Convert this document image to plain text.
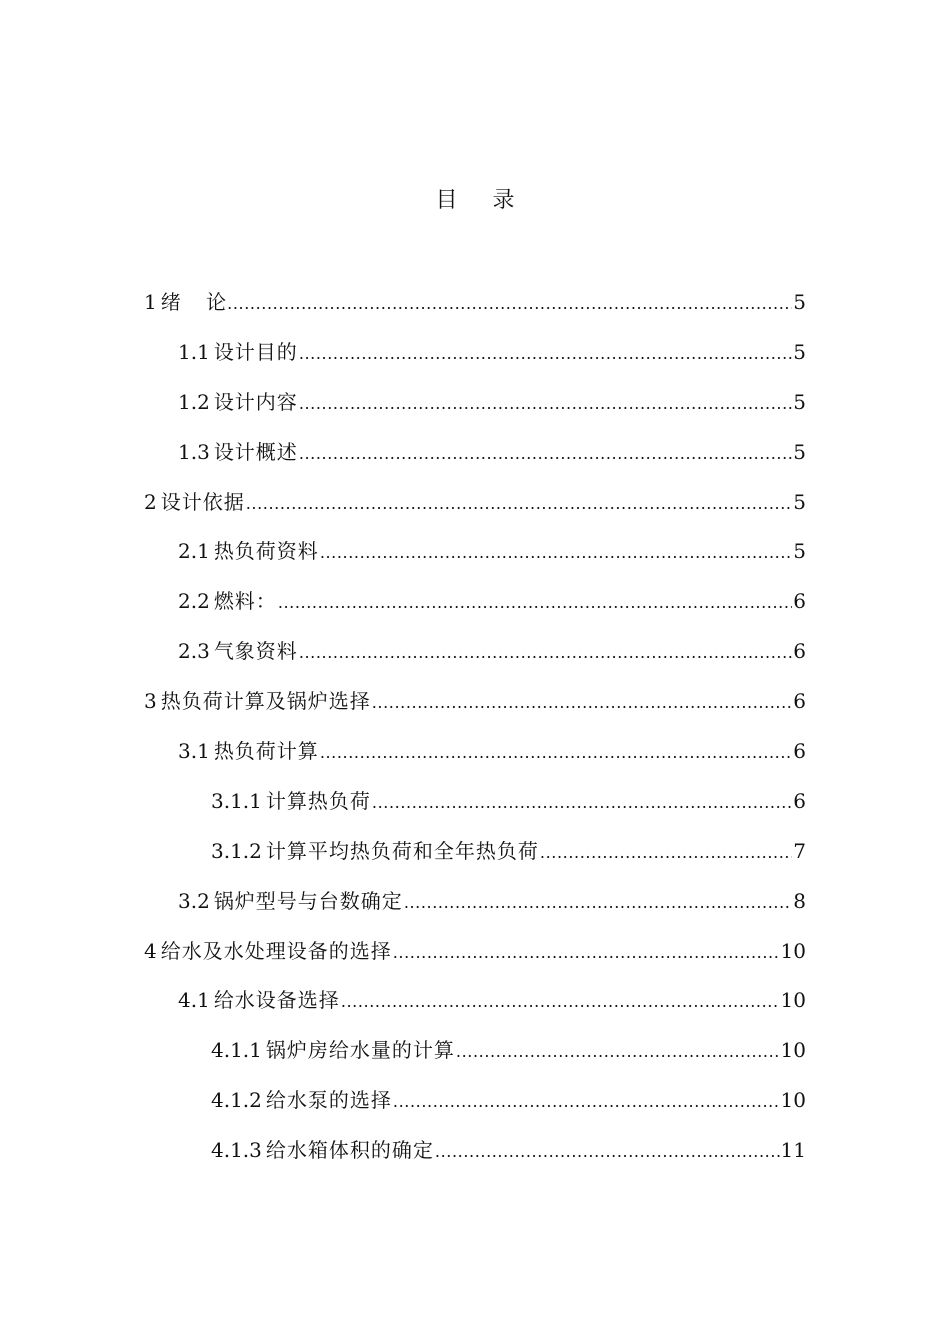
目 录
1 绪    论 .....	5
1.1 设计目的 .....	5
1.2 设计内容 .....	5
1.3 设计概述 .....	5
2 设计依据 .....	5
2.1 热负荷资料 .....	5
2.2 燃料： .....	6
2.3 气象资料 .....	6
3 热负荷计算及锅炉选择 .....	6
3.1 热负荷计算 .....	6
3.1.1 计算热负荷 .....	6
3.1.2 计算平均热负荷和全年热负荷 .....	7
3.2 锅炉型号与台数确定 .....	8
4 给水及水处理设备的选择 .....	10
4.1 给水设备选择 .....	10
4.1.1 锅炉房给水量的计算 .....	10
4.1.2 给水泵的选择 .....	10
4.1.3 给水箱体积的确定 .....	11
